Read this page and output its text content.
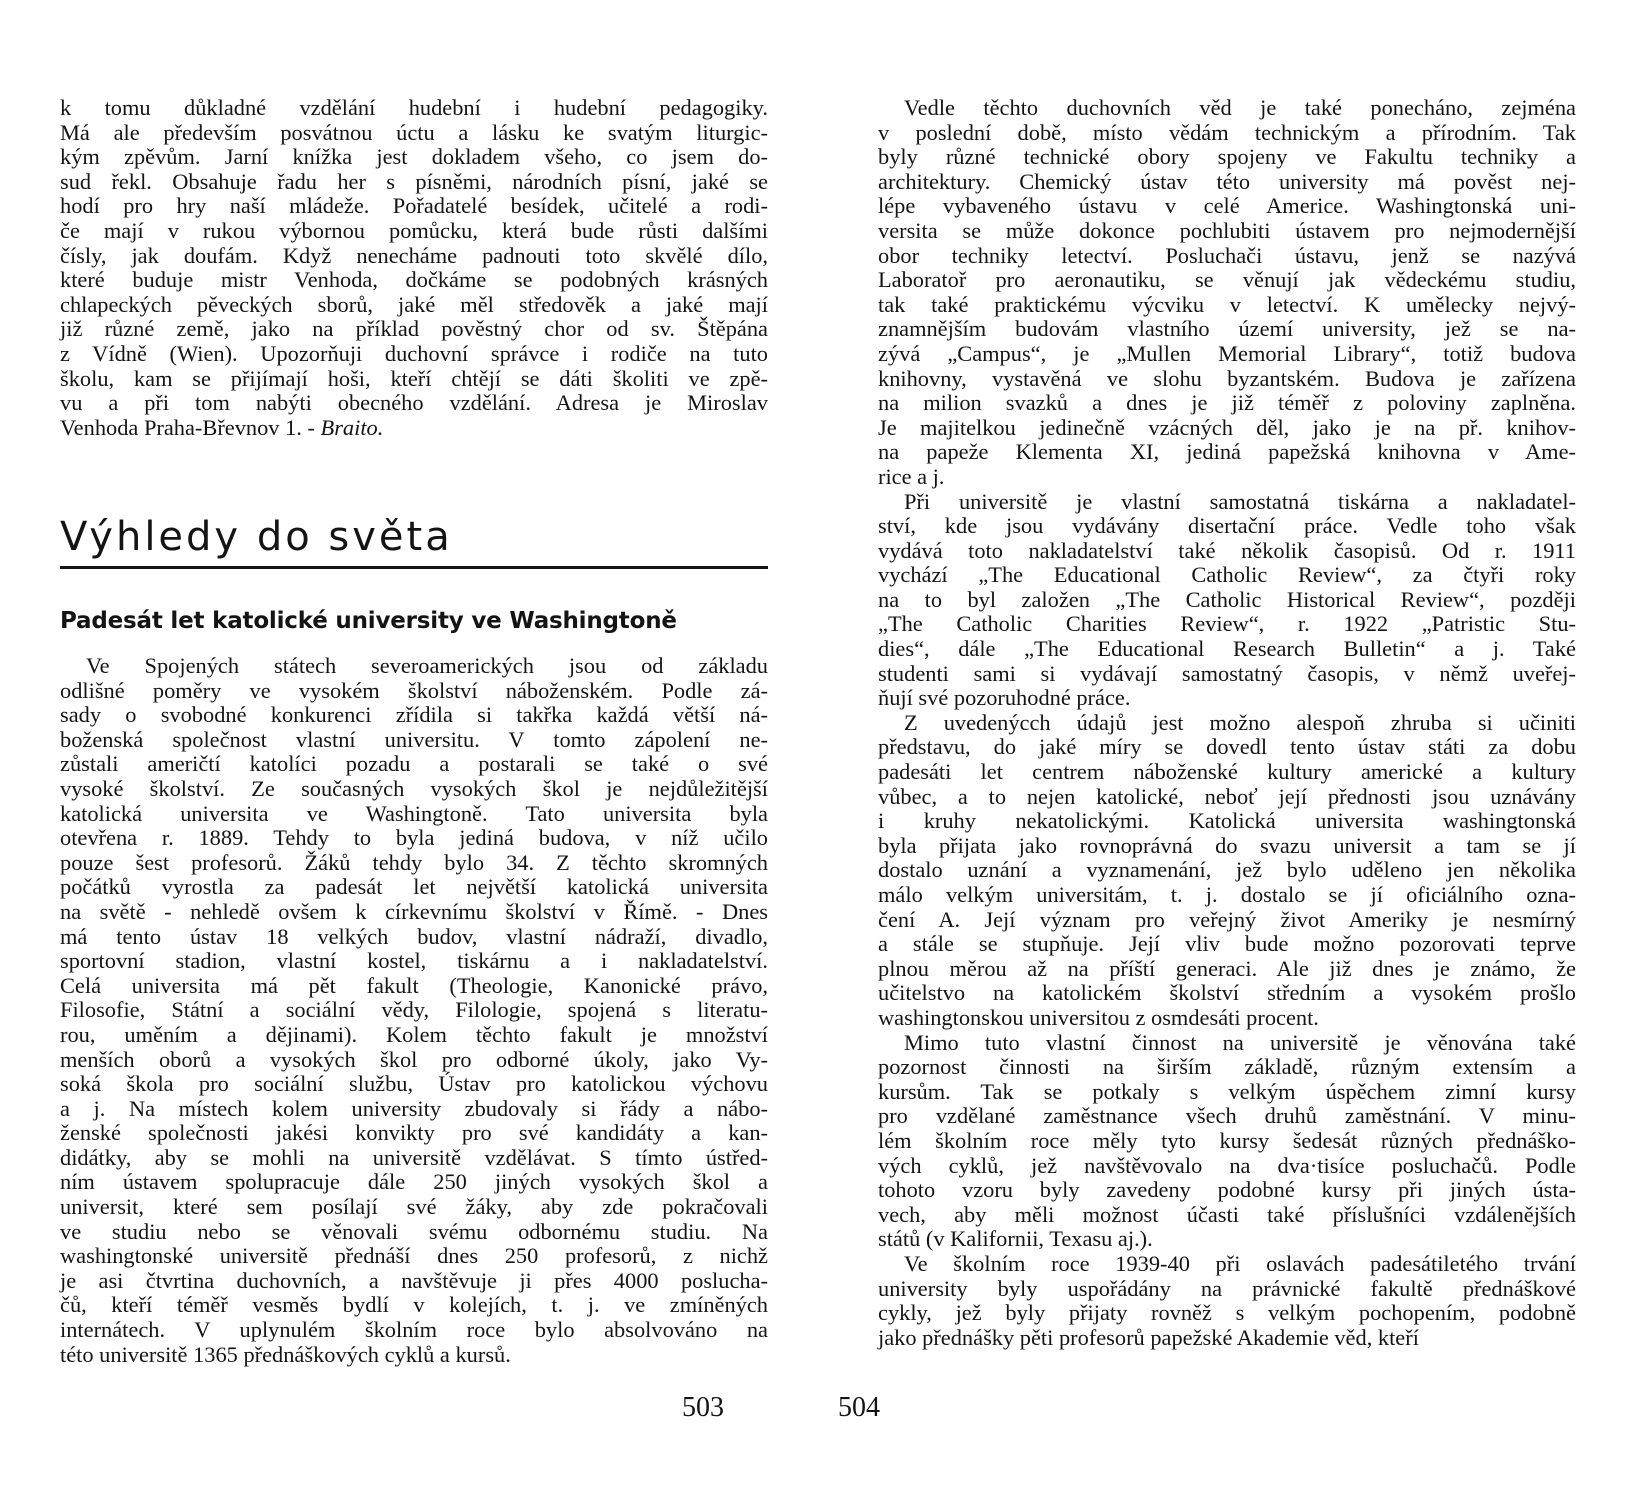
k tomu důkladné vzdělání hudební i hudební pedagogiky.
Má ale především posvátnou úctu a lásku ke svatým liturgic-
kým zpěvům. Jarní knížka jest dokladem všeho, co jsem do-
sud řekl. Obsahuje řadu her s písněmi, národních písní, jaké se
hodí pro hry naší mládeže. Pořadatelé besídek, učitelé a rodi-
če mají v rukou výbornou pomůcku, která bude růsti dalšími
čísly, jak doufám. Když nenecháme padnouti toto skvělé dílo,
které buduje mistr Venhoda, dočkáme se podobných krásných
chlapeckých pěveckých sborů, jaké měl středověk a jaké mají
již různé země, jako na příklad pověstný chor od sv. Štěpána
z Vídně (Wien). Upozorňuji duchovní správce i rodiče na tuto
školu, kam se přijímají hoši, kteří chtějí se dáti školiti ve zpě-
vu a při tom nabýti obecného vzdělání. Adresa je Miroslav
Venhoda Praha-Břevnov 1. - Braito.
Výhledy do světa
Padesát let katolické university ve Washingtoně
Ve Spojených státech severoamerických jsou od základu
odlišné poměry ve vysokém školství náboženském. Podle zá-
sady o svobodné konkurenci zřídila si takřka každá větší ná-
boženská společnost vlastní universitu. V tomto zápolení ne-
zůstali američtí katolíci pozadu a postarali se také o své
vysoké školství. Ze současných vysokých škol je nejdůležitější
katolická universita ve Washingtoně. Tato universita byla
otevřena r. 1889. Tehdy to byla jediná budova, v níž učilo
pouze šest profesorů. Žáků tehdy bylo 34. Z těchto skromných
počátků vyrostla za padesát let největší katolická universita
na světě - nehledě ovšem k církevnímu školství v Římě. - Dnes
má tento ústav 18 velkých budov, vlastní nádraží, divadlo,
sportovní stadion, vlastní kostel, tiskárnu a i nakladatelství.
Celá universita má pět fakult (Theologie, Kanonické právo,
Filosofie, Státní a sociální vědy, Filologie, spojená s literatu-
rou, uměním a dějinami). Kolem těchto fakult je množství
menších oborů a vysokých škol pro odborné úkoly, jako Vy-
soká škola pro sociální službu, Ústav pro katolickou výchovu
a j. Na místech kolem university zbudovaly si řády a nábo-
ženské společnosti jakési konvikty pro své kandidáty a kan-
didátky, aby se mohli na universitě vzdělávat. S tímto ústřed-
ním ústavem spolupracuje dále 250 jiných vysokých škol a
universit, které sem posílají své žáky, aby zde pokračovali
ve studiu nebo se věnovali svému odbornému studiu. Na
washingtonské universitě přednáší dnes 250 profesorů, z nichž
je asi čtvrtina duchovních, a navštěvuje ji přes 4000 poslucha-
čů, kteří téměř vesměs bydlí v kolejích, t. j. ve zmíněných
internátech. V uplynulém školním roce bylo absolvováno na
této universitě 1365 přednáškových cyklů a kursů.
503
Vedle těchto duchovních věd je také ponecháno, zejména
v poslední době, místo vědám technickým a přírodním. Tak
byly různé technické obory spojeny ve Fakultu techniky a
architektury. Chemický ústav této university má pověst nej-
lépe vybaveného ústavu v celé Americe. Washingtonská uni-
versita se může dokonce pochlubiti ústavem pro nejmodernější
obor techniky letectví. Posluchači ústavu, jenž se nazývá
Laboratoř pro aeronautiku, se věnují jak vědeckému studiu,
tak také praktickému výcviku v letectví. K umělecky nejvý-
znamnějším budovám vlastního území university, jež se na-
zývá „Campus“, je „Mullen Memorial Library“, totiž budova
knihovny, vystavěná ve slohu byzantském. Budova je zařízena
na milion svazků a dnes je již téměř z poloviny zaplněna.
Je majitelkou jedinečně vzácných děl, jako je na př. knihov-
na papeže Klementa XI, jediná papežská knihovna v Ame-
rice a j.
Při universitě je vlastní samostatná tiskárna a nakladatel-
ství, kde jsou vydávány disertační práce. Vedle toho však
vydává toto nakladatelství také několik časopisů. Od r. 1911
vychází „The Educational Catholic Review“, za čtyři roky
na to byl založen „The Catholic Historical Review“, později
„The Catholic Charities Review“, r. 1922 „Patristic Stu-
dies“, dále „The Educational Research Bulletin“ a j. Také
studenti sami si vydávají samostatný časopis, v němž uveřej-
ňují své pozoruhodné práce.
Z uvedenýcch údajů jest možno alespoň zhruba si učiniti
představu, do jaké míry se dovedl tento ústav státi za dobu
padesáti let centrem náboženské kultury americké a kultury
vůbec, a to nejen katolické, neboť její přednosti jsou uznávány
i kruhy nekatolickými. Katolická universita washingtonská
byla přijata jako rovnoprávná do svazu universit a tam se jí
dostalo uznání a vyznamenání, jež bylo uděleno jen několika
málo velkým universitám, t. j. dostalo se jí oficiálního ozna-
čení A. Její význam pro veřejný život Ameriky je nesmírný
a stále se stupňuje. Její vliv bude možno pozorovati teprve
plnou měrou až na příští generaci. Ale již dnes je známo, že
učitelstvo na katolickém školství středním a vysokém prošlo
washingtonskou universitou z osmdesáti procent.
Mimo tuto vlastní činnost na universitě je věnována také
pozornost činnosti na širším základě, různým extensím a
kursům. Tak se potkaly s velkým úspěchem zimní kursy
pro vzdělané zaměstnance všech druhů zaměstnání. V minu-
lém školním roce měly tyto kursy šedesát různých přednáško-
vých cyklů, jež navštěvovalo na dva·tisíce posluchačů. Podle
tohoto vzoru byly zavedeny podobné kursy při jiných ústa-
vech, aby měli možnost účasti také příslušníci vzdálenějších
států (v Kalifornii, Texasu aj.).
Ve školním roce 1939-40 při oslavách padesátiletého trvání
university byly uspořádány na právnické fakultě přednáškové
cykly, jež byly přijaty rovněž s velkým pochopením, podobně
jako přednášky pěti profesorů papežské Akademie věd, kteří
504
